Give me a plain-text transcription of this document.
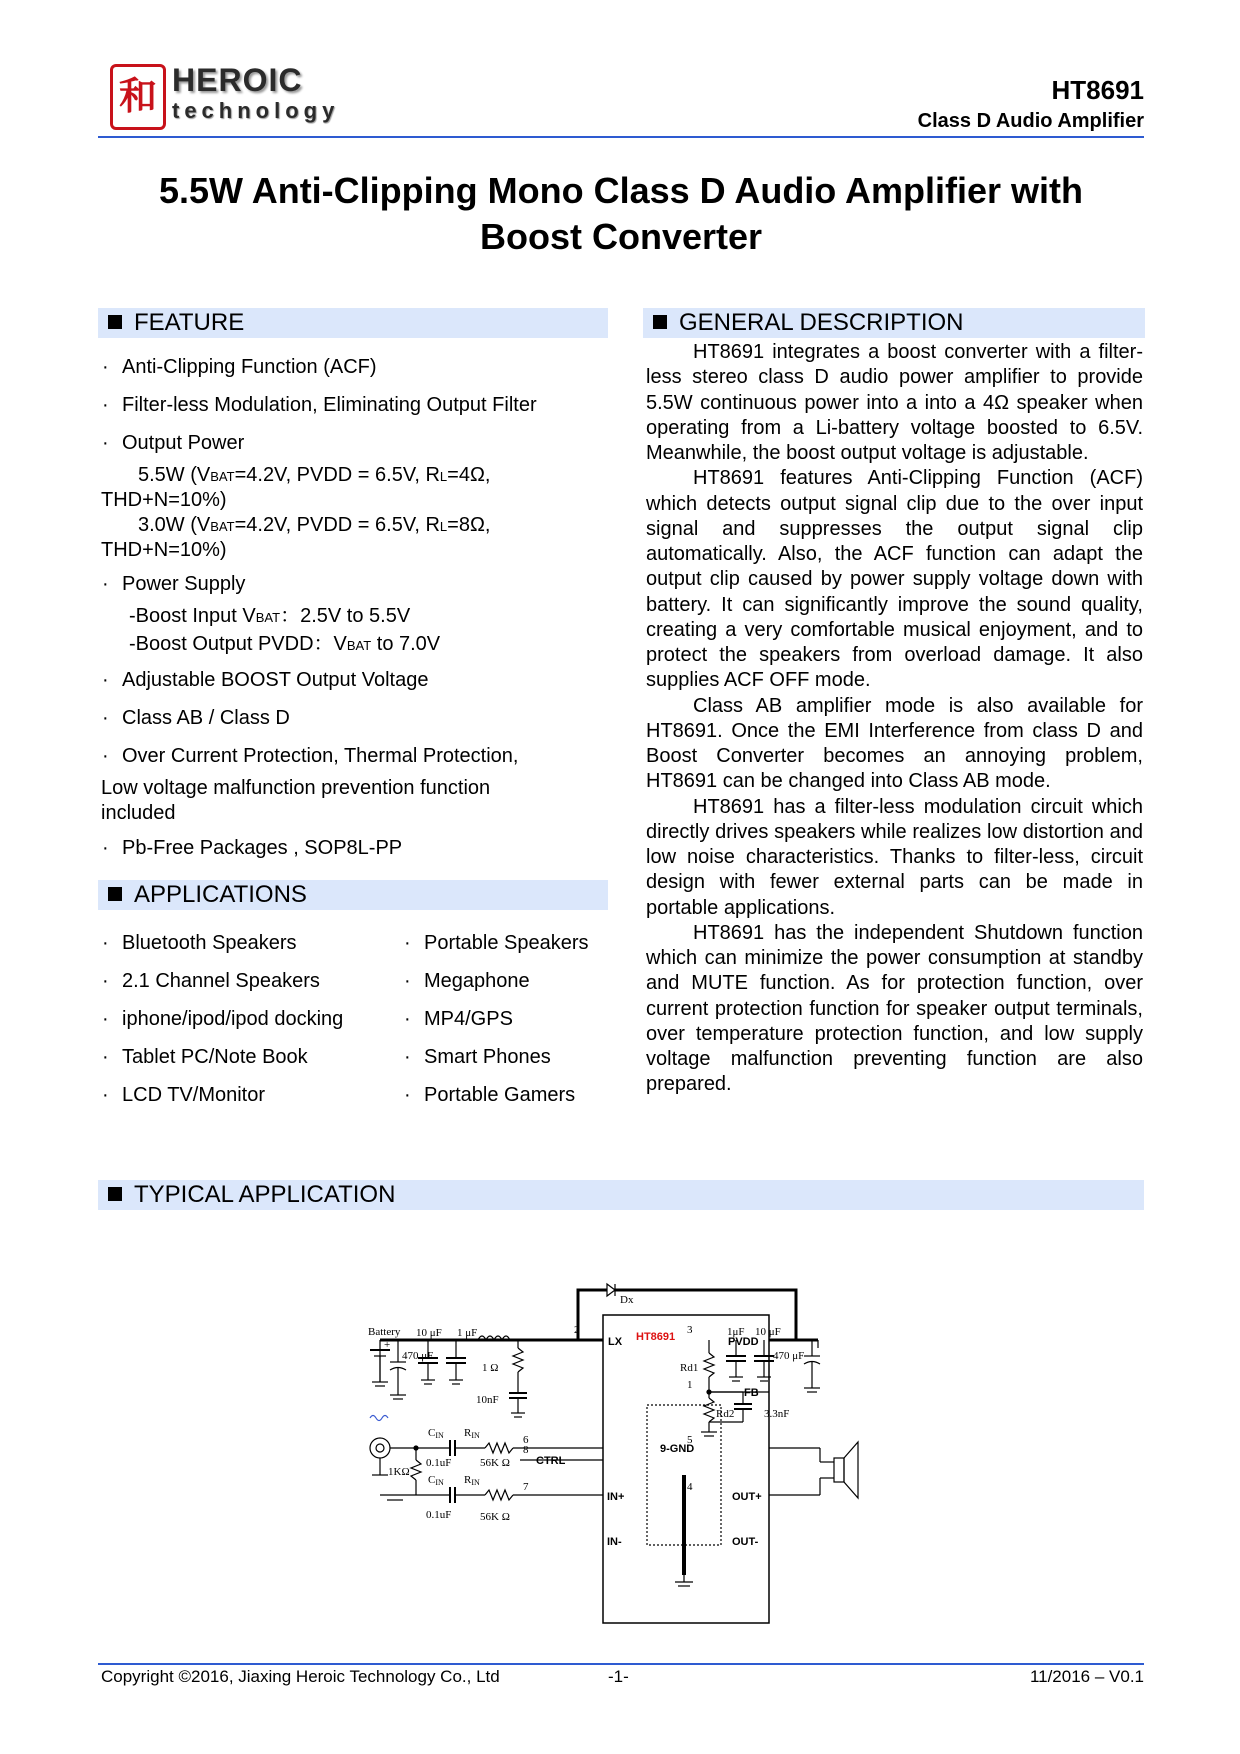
和 HEROIC
technology
HT8691
Class D Audio Amplifier
5.5W Anti-Clipping Mono Class D Audio Amplifier with
Boost Converter
FEATURE
· Anti-Clipping Function (ACF)
· Filter-less Modulation, Eliminating Output Filter
· Output Power
5.5W (VBAT=4.2V, PVDD = 6.5V, RL=4Ω,
THD+N=10%)
3.0W (VBAT=4.2V, PVDD = 6.5V, RL=8Ω,
THD+N=10%)
· Power Supply
-Boost Input VBAT：2.5V to 5.5V
-Boost Output PVDD：VBAT to 7.0V
· Adjustable BOOST Output Voltage
· Class AB / Class D
· Over Current Protection, Thermal Protection,
Low voltage malfunction prevention function
included
· Pb-Free Packages , SOP8L-PP
APPLICATIONS
· Bluetooth Speakers
· 2.1 Channel Speakers
· iphone/ipod/ipod docking
· Tablet PC/Note Book
· LCD TV/Monitor
· Portable Speakers
· Megaphone
· MP4/GPS
· Smart Phones
· Portable Gamers
GENERAL DESCRIPTION

HT8691 integrates a boost converter with a filter-less stereo class D audio power amplifier to provide 5.5W continuous power into a into a 4Ω speaker when operating from a Li-battery voltage boosted to 6.5V. Meanwhile, the boost output voltage is adjustable.

HT8691 features Anti-Clipping Function (ACF) which detects output signal clip due to the over input signal and suppresses the output signal clip automatically. Also, the ACF function can adapt the output clip caused by power supply voltage down with battery. It can significantly improve the sound quality, creating a very comfortable musical enjoyment, and to protect the speakers from overload damage. It also supplies ACF OFF mode.

Class AB amplifier mode is also available for HT8691. Once the EMI Interference from class D and Boost Converter becomes an annoying problem, HT8691 can be changed into Class AB mode.

HT8691 has a filter-less modulation circuit which directly drives speakers while realizes low distortion and low noise characteristics. Thanks to filter-less, circuit design with fewer external parts can be made in portable applications.

HT8691 has the independent Shutdown function which can minimize the power consumption at standby and MUTE function. As for protection function, over current protection function for speaker output terminals, over temperature protection function, and low supply voltage malfunction preventing function are also prepared.

TYPICAL APPLICATION
Battery
+
470 μF
10 μF 1 μF
1 Ω
10nF
Dx
1μF 10 μF
470 μF
Rd1
Rd2	3.3nF
1KΩ
CIN RIN
0.1uF	56K Ω
CIN RIN
0.1uF	56K Ω
2	3
1
8
6
7
5
4
LX HT8691	PVDD
FB
CTRL
9-GND
IN+
IN-
OUT+
OUT-
Copyright ©2016, Jiaxing Heroic Technology Co., Ltd	-1-	11/2016 – V0.1
